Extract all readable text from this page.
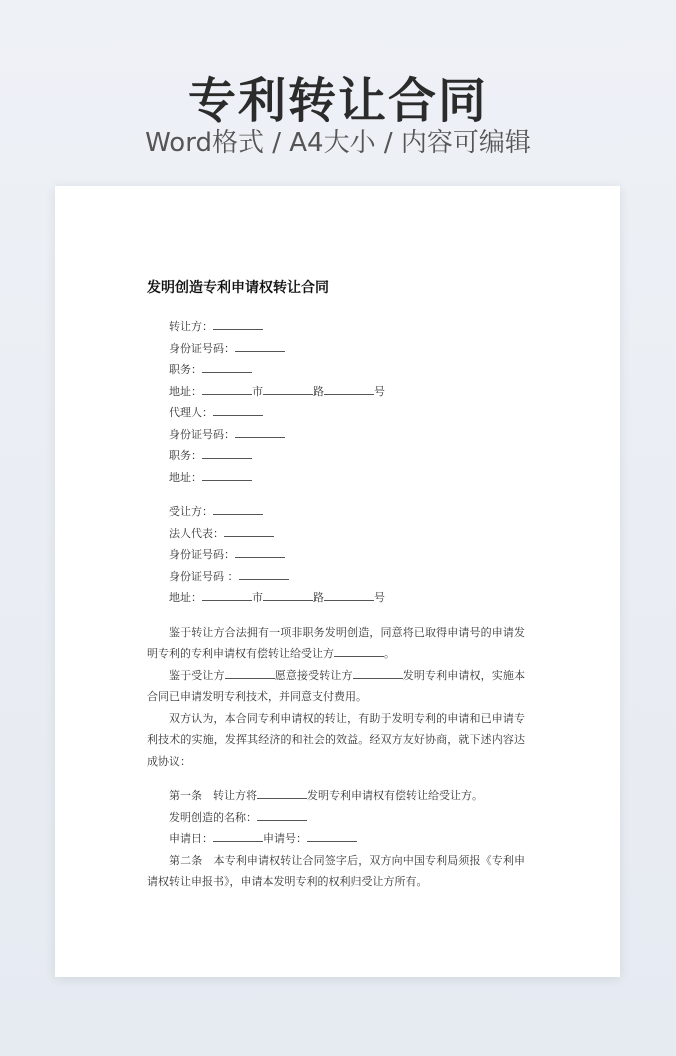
专利转让合同
Word格式 / A4大小 / 内容可编辑
发明创造专利申请权转让合同
转让方：
身份证号码：
职务：
地址：	市	路	号
代理人：
身份证号码：
职务：
地址：
受让方：
法人代表：
身份证号码：
身份证号码 ：
地址：	市	路	号
鉴于转让方合法拥有一项非职务发明创造，同意将已取得申请号的申请发明专利的专利申请权有偿转让给受让方	。
鉴于受让方	愿意接受转让方	发明专利申请权，实施本合同已申请发明专利技术，并同意支付费用。
双方认为，本合同专利申请权的转让，有助于发明专利的申请和已申请专利技术的实施，发挥其经济的和社会的效益。经双方友好协商，就下述内容达成协议：
第一条　转让方将	发明专利申请权有偿转让给受让方。
发明创造的名称：
申请日：	申请号：
第二条　本专利申请权转让合同签字后，双方向中国专利局须报《专利申请权转让申报书》，申请本发明专利的权利归受让方所有。
